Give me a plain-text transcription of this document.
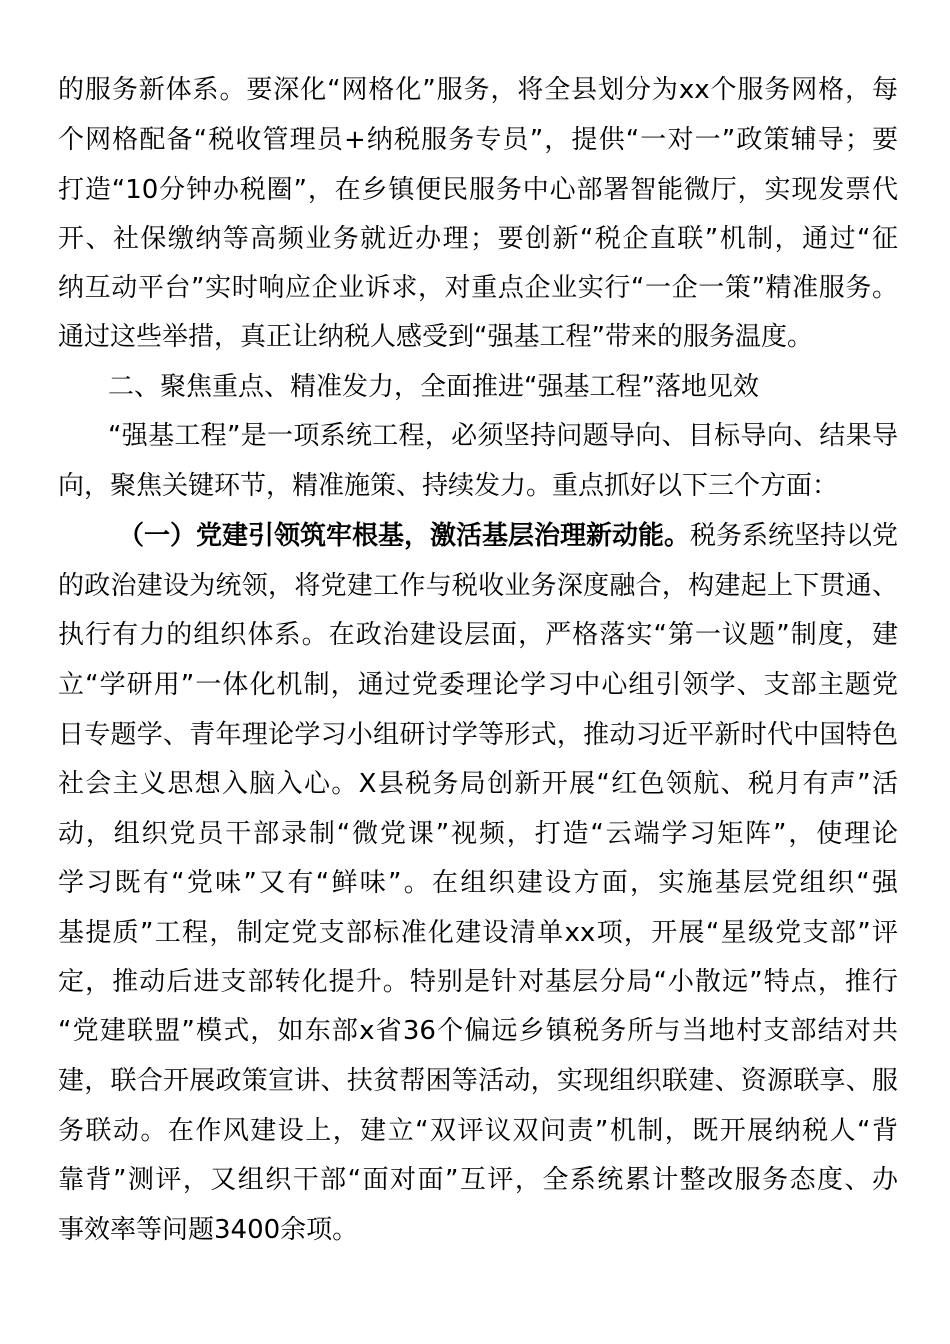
的服务新体系。要深化“网格化”服务，将全县划分为xx个服务网格，每
个网格配备“税收管理员+纳税服务专员”，提供“一对一”政策辅导；要
打造“10分钟办税圈”，在乡镇便民服务中心部署智能微厅，实现发票代
开、社保缴纳等高频业务就近办理；要创新“税企直联”机制，通过“征
纳互动平台”实时响应企业诉求，对重点企业实行“一企一策”精准服务。
通过这些举措，真正让纳税人感受到“强基工程”带来的服务温度。
二、聚焦重点、精准发力，全面推进“强基工程”落地见效
“强基工程”是一项系统工程，必须坚持问题导向、目标导向、结果导
向，聚焦关键环节，精准施策、持续发力。重点抓好以下三个方面：
（一）党建引领筑牢根基，激活基层治理新动能。税务系统坚持以党
的政治建设为统领，将党建工作与税收业务深度融合，构建起上下贯通、
执行有力的组织体系。在政治建设层面，严格落实“第一议题”制度，建
立“学研用”一体化机制，通过党委理论学习中心组引领学、支部主题党
日专题学、青年理论学习小组研讨学等形式，推动习近平新时代中国特色
社会主义思想入脑入心。X县税务局创新开展“红色领航、税月有声”活
动，组织党员干部录制“微党课”视频，打造“云端学习矩阵”，使理论
学习既有“党味”又有“鲜味”。在组织建设方面，实施基层党组织“强
基提质”工程，制定党支部标准化建设清单xx项，开展“星级党支部”评
定，推动后进支部转化提升。特别是针对基层分局“小散远”特点，推行
“党建联盟”模式，如东部x省36个偏远乡镇税务所与当地村支部结对共
建，联合开展政策宣讲、扶贫帮困等活动，实现组织联建、资源联享、服
务联动。在作风建设上，建立“双评议双问责”机制，既开展纳税人“背
靠背”测评，又组织干部“面对面”互评，全系统累计整改服务态度、办
事效率等问题3400余项。
